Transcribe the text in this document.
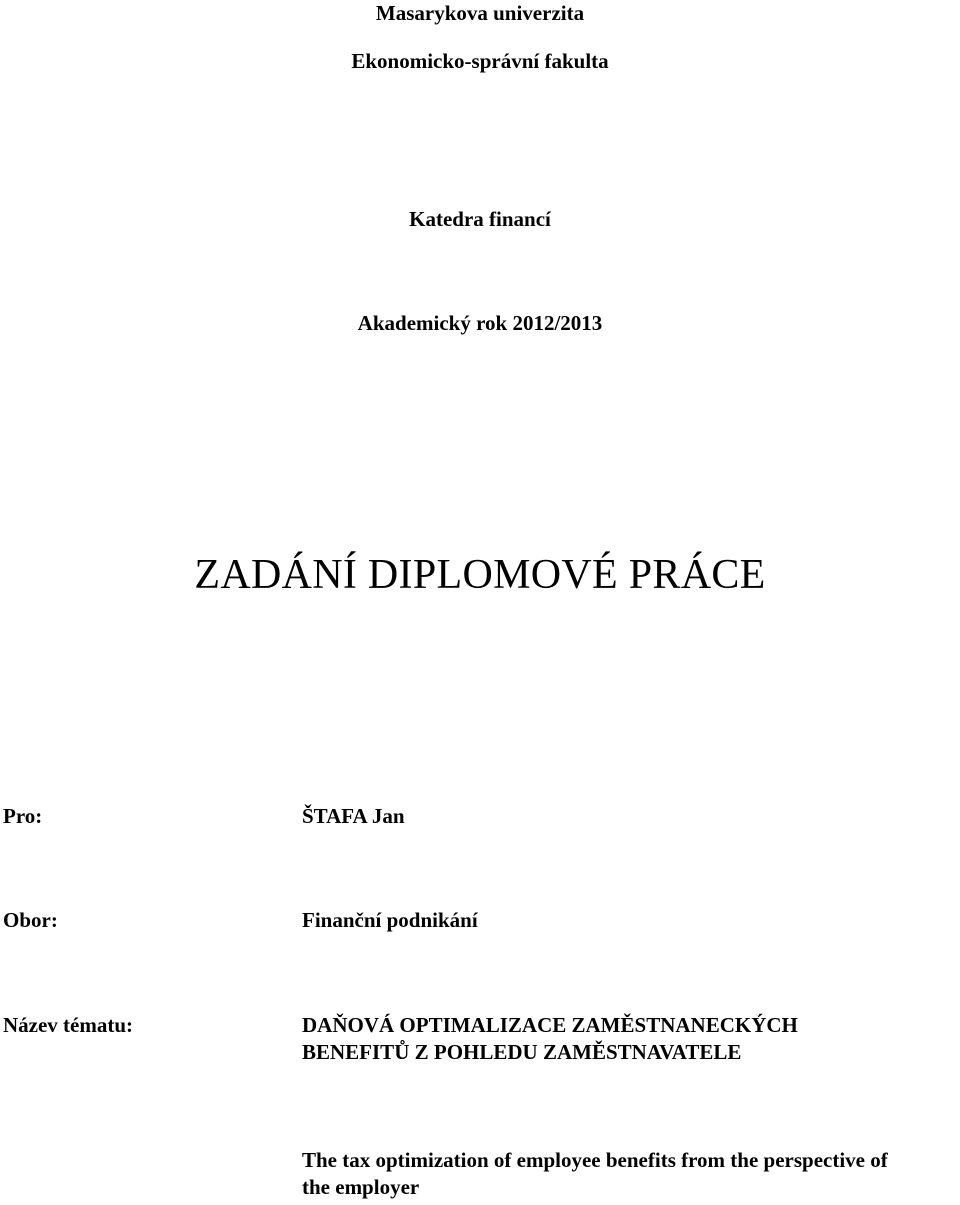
Masarykova univerzita
Ekonomicko-správní fakulta
Katedra financí
Akademický rok 2012/2013
ZADÁNÍ DIPLOMOVÉ PRÁCE
Pro:	ŠTAFA Jan
Obor:	Finanční podnikání
Název tématu:	DAŇOVÁ OPTIMALIZACE ZAMĚSTNANECKÝCH
BENEFITŮ Z POHLEDU ZAMĚSTNAVATELE
The tax optimization of employee benefits from the perspective of
the employer
